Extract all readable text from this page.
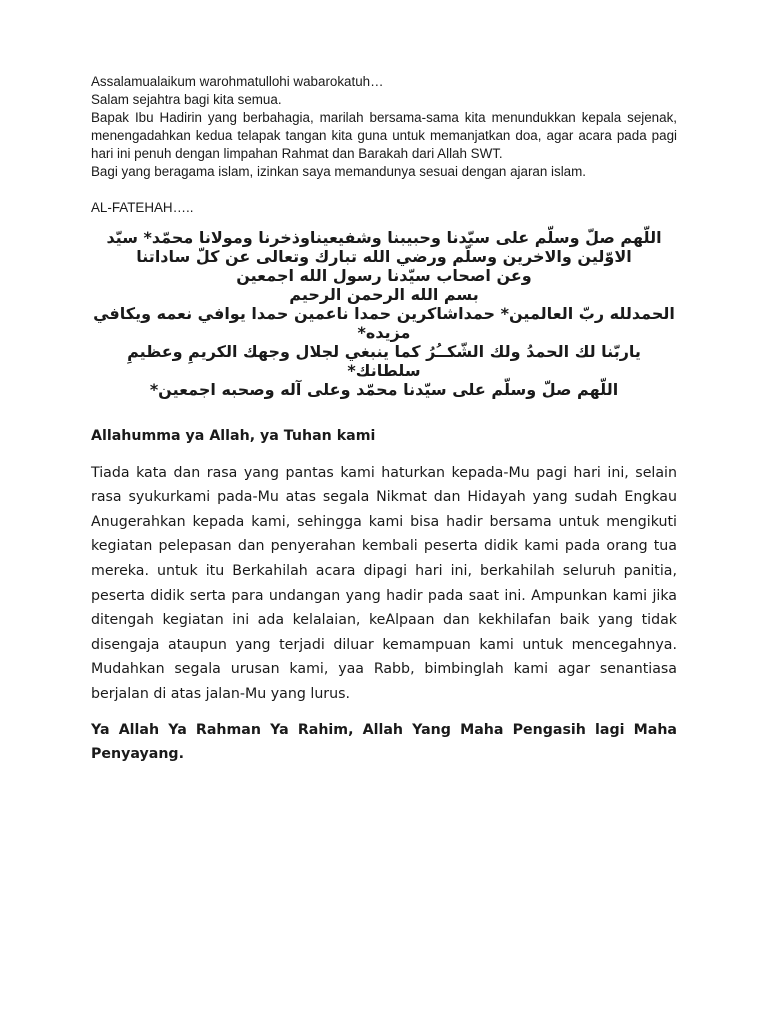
Assalamualaikum warohmatullohi wabarokatuh…

Salam sejahtra bagi kita semua.

Bapak Ibu Hadirin yang berbahagia, marilah bersama-sama kita menundukkan kepala sejenak, menengadahkan kedua telapak tangan kita guna untuk memanjatkan doa, agar acara pada pagi hari ini penuh dengan limpahan Rahmat dan Barakah dari Allah SWT.

Bagi yang beragama islam, izinkan saya memandunya sesuai dengan ajaran islam.

AL-FATEHAH…..

اللّهم صلّ وسلّم على سيّدنا وحبيبنا وشفيعيناوذخرنا ومولانا محمّد* سيّد الاوّلين والاخرين وسلّم ورضي الله تبارك وتعالى عن كلّ ساداتنا

وعن اصحاب سيّدنا رسول الله اجمعين

بسم الله الرحمن الرحيم

الحمدلله ربّ العالمين* حمداشاكرين حمدا ناعمين حمدا يوافي نعمه ويكافي مزيده*

ياربّنا لك الحمدُ ولك الشّكــُرُ كما ينبغي لجلال وجهك الكريمِ وعظيمِ سلطانك*

اللّهم صلّ وسلّم على سيّدنا محمّد وعلى آله وصحبه اجمعين*

Allahumma ya Allah, ya Tuhan kami

Tiada kata dan rasa yang pantas kami haturkan kepada-Mu pagi hari ini, selain rasa syukurkami pada-Mu atas segala Nikmat dan Hidayah yang sudah Engkau Anugerahkan kepada kami, sehingga kami bisa hadir bersama untuk mengikuti kegiatan pelepasan dan penyerahan kembali peserta didik kami pada orang tua mereka. untuk itu Berkahilah acara dipagi hari ini, berkahilah seluruh panitia, peserta didik serta para undangan yang hadir pada saat ini. Ampunkan kami jika ditengah kegiatan ini ada kelalaian, keAlpaan dan kekhilafan baik yang tidak disengaja ataupun yang terjadi diluar kemampuan kami untuk mencegahnya. Mudahkan segala urusan kami, yaa Rabb, bimbinglah kami agar senantiasa berjalan di atas jalan-Mu yang lurus.

Ya Allah Ya Rahman Ya Rahim, Allah Yang Maha Pengasih lagi Maha Penyayang.
